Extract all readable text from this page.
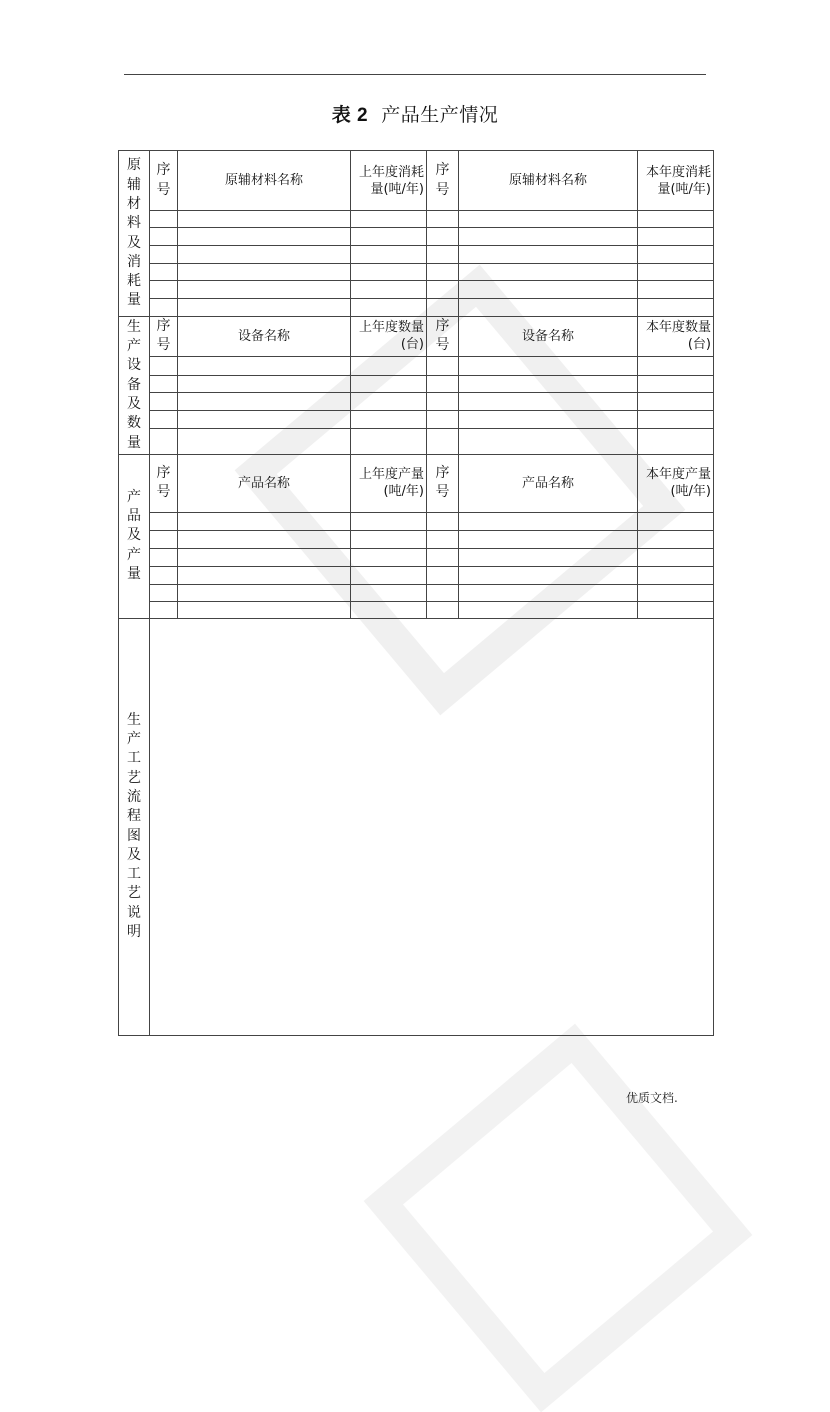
表 2 产品生产情况
原辅材料及消耗量	序号	原辅材料名称	上年度消耗量(吨/年)	序号	原辅材料名称	本年度消耗量(吨/年)

生产设备及数量	序号	设备名称	上年度数量(台)	序号	设备名称	本年度数量(台)

产品及产量	序号	产品名称	上年度产量(吨/年)	序号	产品名称	本年度产量(吨/年)

生产工艺流程图及工艺说明						
优质文档.
